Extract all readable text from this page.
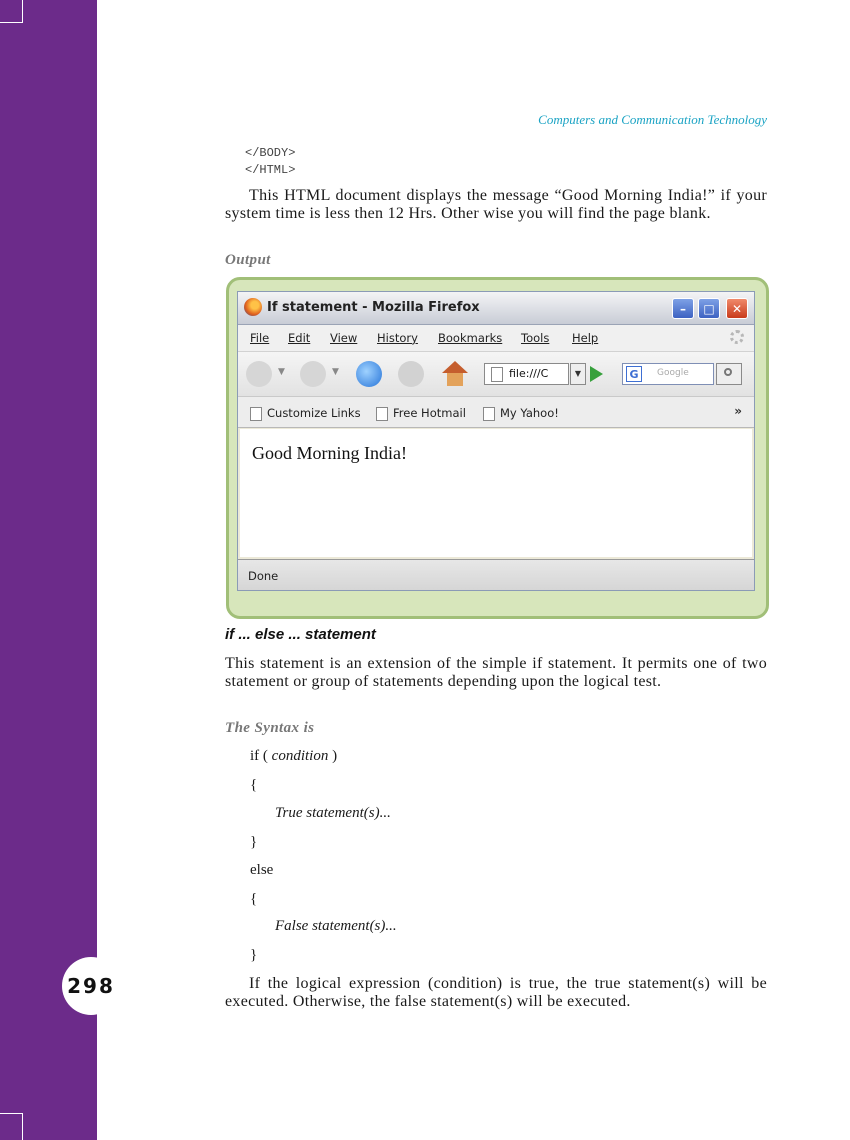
298
Computers and Communication Technology
</BODY>
</HTML>
This HTML document displays the message “Good Morning India!” if your system time is less then 12 Hrs. Other wise you will find the page blank.
Output
If statement - Mozilla Firefox	–	□	✕
File Edit View History Bookmarks Tools Help
▼	▼	file:///C	▼	G	Google
Customize Links	Free Hotmail	My Yahoo!	»
Good Morning India!
Done
if ... else ... statement
This statement is an extension of the simple if statement. It permits one of two statement or group of statements depending upon the logical test.
The Syntax is
if ( condition )
{
True statement(s)...
}
else
{
False statement(s)...
}
If the logical expression (condition) is true, the true statement(s) will be executed. Otherwise, the false statement(s) will be executed.
